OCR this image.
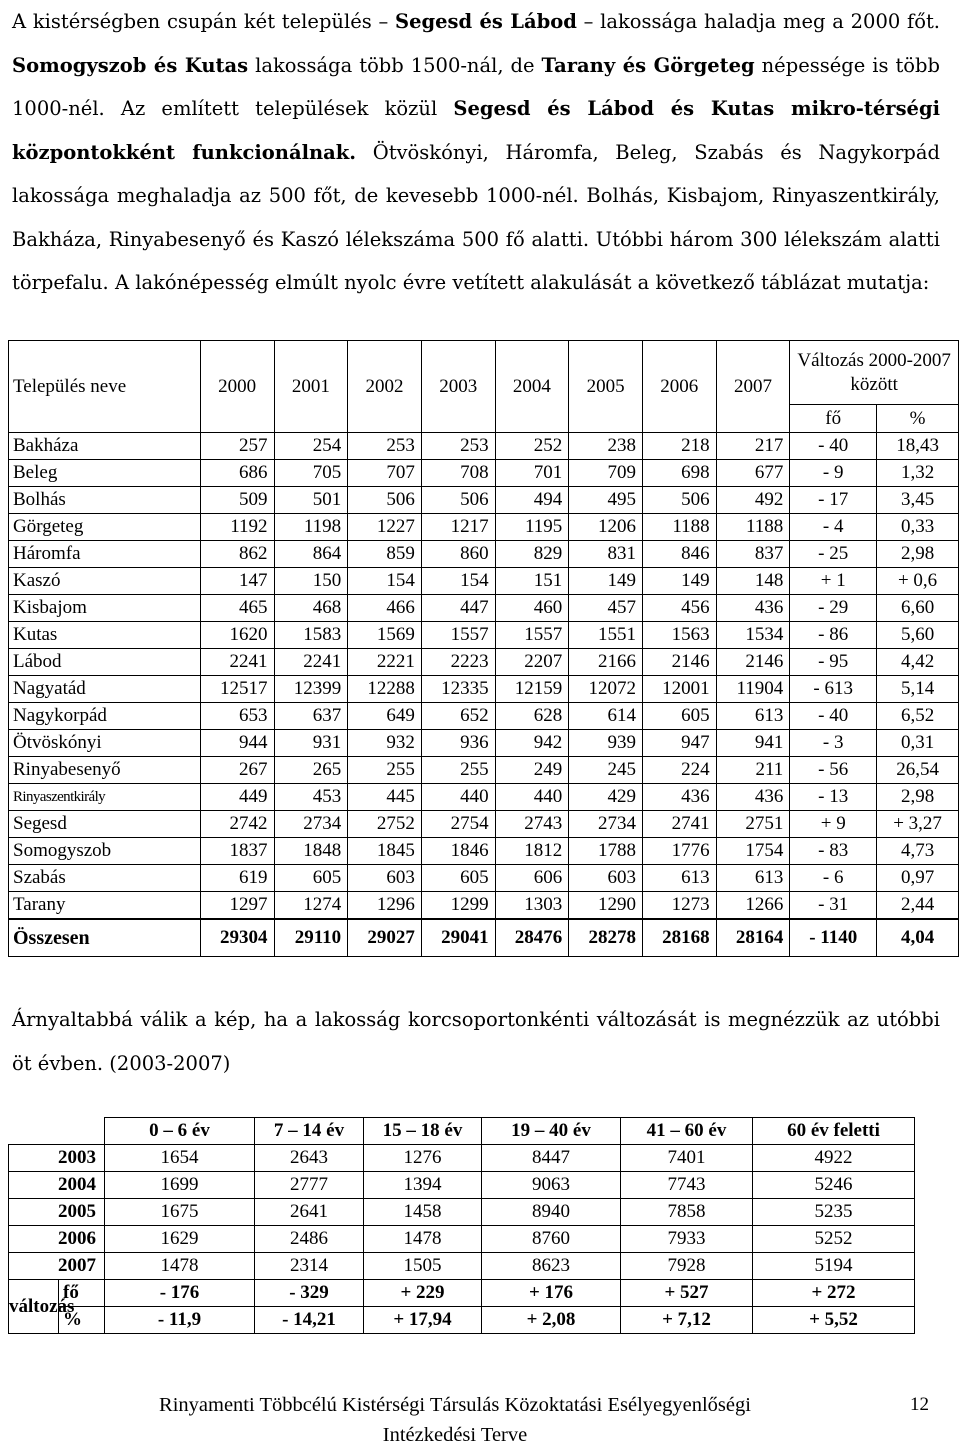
A kistérségben csupán két település – Segesd és Lábod – lakossága haladja meg a 2000 főt. Somogyszob és Kutas lakossága több 1500-nál, de Tarany és Görgeteg népessége is több 1000-nél. Az említett települések közül Segesd és Lábod és Kutas mikro-térségi központokként funkcionálnak. Ötvöskónyi, Háromfa, Beleg, Szabás és Nagykorpád lakossága meghaladja az 500 főt, de kevesebb 1000-nél. Bolhás, Kisbajom, Rinyaszentkirály, Bakháza, Rinyabesenyő és Kaszó lélekszáma 500 fő alatti. Utóbbi három 300 lélekszám alatti törpefalu. A lakónépesség elmúlt nyolc évre vetített alakulását a következő táblázat mutatja:

Település neve	2000	2001	2002	2003	2004	2005	2006	2007	Változás 2000-2007 között	

									fő	%
Bakháza	257	254	253	253	252	238	218	217	- 40	18,43
Beleg	686	705	707	708	701	709	698	677	- 9	1,32
Bolhás	509	501	506	506	494	495	506	492	- 17	3,45
Görgeteg	1192	1198	1227	1217	1195	1206	1188	1188	- 4	0,33
Háromfa	862	864	859	860	829	831	846	837	- 25	2,98
Kaszó	147	150	154	154	151	149	149	148	+ 1	+ 0,6
Kisbajom	465	468	466	447	460	457	456	436	- 29	6,60
Kutas	1620	1583	1569	1557	1557	1551	1563	1534	- 86	5,60
Lábod	2241	2241	2221	2223	2207	2166	2146	2146	- 95	4,42
Nagyatád	12517	12399	12288	12335	12159	12072	12001	11904	- 613	5,14
Nagykorpád	653	637	649	652	628	614	605	613	- 40	6,52
Ötvöskónyi	944	931	932	936	942	939	947	941	- 3	0,31
Rinyabesenyő	267	265	255	255	249	245	224	211	- 56	26,54
Rinyaszentkirály	449	453	445	440	440	429	436	436	- 13	2,98
Segesd	2742	2734	2752	2754	2743	2734	2741	2751	+ 9	+ 3,27
Somogyszob	1837	1848	1845	1846	1812	1788	1776	1754	- 83	4,73
Szabás	619	605	603	605	606	603	613	613	- 6	0,97
Tarany	1297	1274	1296	1299	1303	1290	1273	1266	- 31	2,44
Összesen	29304	29110	29027	29041	28476	28278	28168	28164	- 1140	4,04

Árnyaltabbá válik a kép, ha a lakosság korcsoportonkénti változását is megnézzük az utóbbi öt évben. (2003-2007)

		0 – 6 év	7 – 14 év	15 – 18 év	19 – 40 év	41 – 60 év	60 év feletti
2003		1654	2643	1276	8447	7401	4922
2004		1699	2777	1394	9063	7743	5246
2005		1675	2641	1458	8940	7858	5235
2006		1629	2486	1478	8760	7933	5252
2007		1478	2314	1505	8623	7928	5194
változás	fő	- 176	- 329	+ 229	+ 176	+ 527	+ 272
	%	- 11,9	- 14,21	+ 17,94	+ 2,08	+ 7,12	+ 5,52
Rinyamenti Többcélú Kistérségi Társulás Közoktatási Esélyegyenlőségi
Intézkedési Terve
12
